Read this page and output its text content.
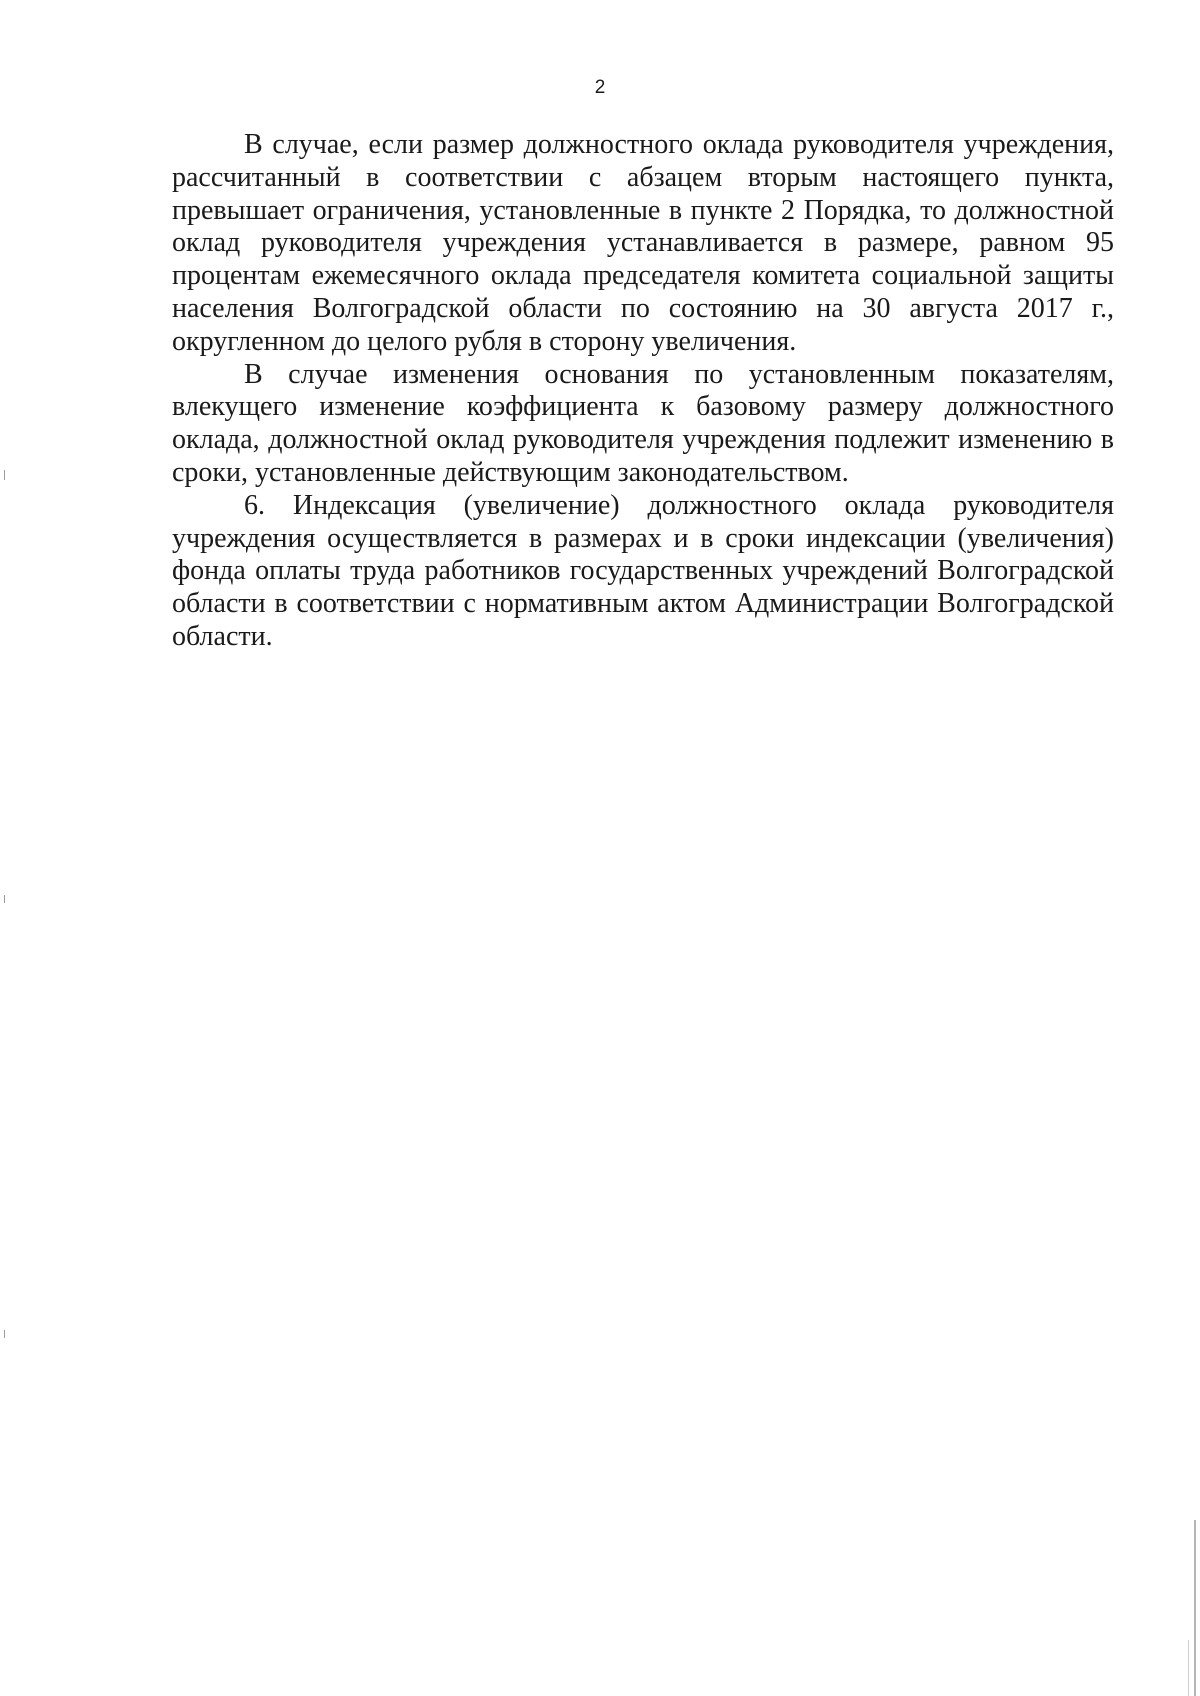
2

В случае, если размер должностного оклада руководителя учреждения, рассчитанный в соответствии с абзацем вторым настоящего пункта, превышает ограничения, установленные в пункте 2 Порядка, то должностной оклад руководителя учреждения устанавливается в размере, равном 95 процентам ежемесячного оклада председателя комитета социальной защиты населения Волгоградской области по состоянию на 30 августа 2017 г., округленном до целого рубля в сторону увеличения.

В случае изменения основания по установленным показателям, влекущего изменение коэффициента к базовому размеру должностного оклада, должностной оклад руководителя учреждения подлежит изменению в сроки, установленные действующим законодательством.

6. Индексация (увеличение) должностного оклада руководителя учреждения осуществляется в размерах и в сроки индексации (увеличения) фонда оплаты труда работников государственных учреждений Волгоградской области в соответствии с нормативным актом Администрации Волгоградской области.
